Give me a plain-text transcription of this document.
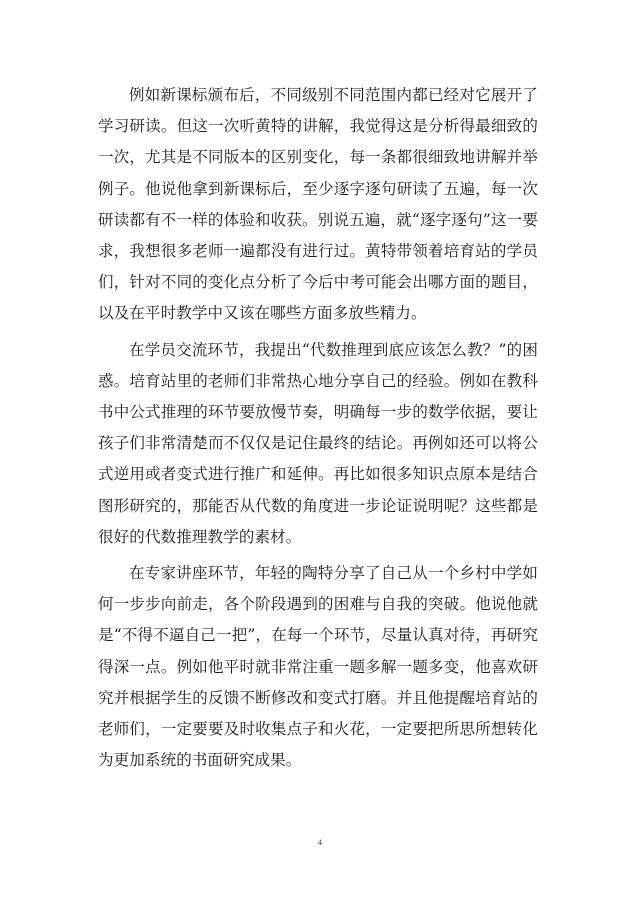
例如新课标颁布后，不同级别不同范围内都已经对它展开了学习研读。但这一次听黄特的讲解，我觉得这是分析得最细致的一次，尤其是不同版本的区别变化，每一条都很细致地讲解并举例子。他说他拿到新课标后，至少逐字逐句研读了五遍，每一次研读都有不一样的体验和收获。别说五遍，就“逐字逐句”这一要求，我想很多老师一遍都没有进行过。黄特带领着培育站的学员们，针对不同的变化点分析了今后中考可能会出哪方面的题目，以及在平时教学中又该在哪些方面多放些精力。

在学员交流环节，我提出“代数推理到底应该怎么教？”的困惑。培育站里的老师们非常热心地分享自己的经验。例如在教科书中公式推理的环节要放慢节奏，明确每一步的数学依据，要让孩子们非常清楚而不仅仅是记住最终的结论。再例如还可以将公式逆用或者变式进行推广和延伸。再比如很多知识点原本是结合图形研究的，那能否从代数的角度进一步论证说明呢？这些都是很好的代数推理教学的素材。

在专家讲座环节，年轻的陶特分享了自己从一个乡村中学如何一步步向前走，各个阶段遇到的困难与自我的突破。他说他就是“不得不逼自己一把”，在每一个环节，尽量认真对待，再研究得深一点。例如他平时就非常注重一题多解一题多变，他喜欢研究并根据学生的反馈不断修改和变式打磨。并且他提醒培育站的老师们，一定要要及时收集点子和火花，一定要把所思所想转化为更加系统的书面研究成果。

4
